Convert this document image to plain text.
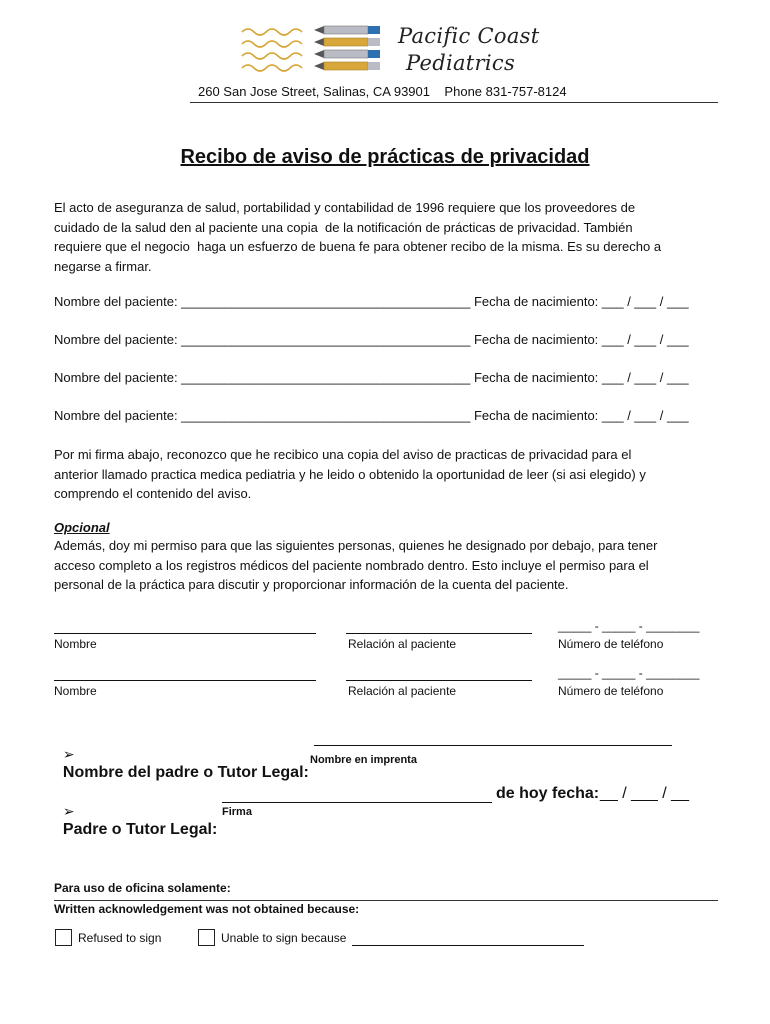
Pacific Coast
Pediatrics
260 San Jose Street, Salinas, CA 93901    Phone 831-757-8124
Recibo de aviso de prácticas de privacidad
El acto de aseguranza de salud, portabilidad y contabilidad de 1996 requiere que los proveedores de
cuidado de la salud den al paciente una copia  de la notificación de prácticas de privacidad. También
requiere que el negocio  haga un esfuerzo de buena fe para obtener recibo de la misma. Es su derecho a
negarse a firmar.
Nombre del paciente: ________________________________________ Fecha de nacimiento: ___ / ___ / ___
Nombre del paciente: ________________________________________ Fecha de nacimiento: ___ / ___ / ___
Nombre del paciente: ________________________________________ Fecha de nacimiento: ___ / ___ / ___
Nombre del paciente: ________________________________________ Fecha de nacimiento: ___ / ___ / ___
Por mi firma abajo, reconozco que he recibico una copia del aviso de practicas de privacidad para el
anterior llamado practica medica pediatria y he leido o obtenido la oportunidad de leer (si asi elegido) y
comprendo el contenido del aviso.
Opcional
Además, doy mi permiso para que las siguientes personas, quienes he designado por debajo, para tener
acceso completo a los registros médicos del paciente nombrado dentro. Esto incluye el permiso para el
personal de la práctica para discutir y proporcionar información de la cuenta del paciente.
_____ - _____ - ________
Nombre	Relación al paciente	Número de teléfono
_____ - _____ - ________
Nombre	Relación al paciente	Número de teléfono

➢
Nombre del padre o Tutor Legal:

Nombre en imprenta

➢
Padre o Tutor Legal:

de hoy fecha: __ / ___ / __
Firma
Para uso de oficina solamente:
Written acknowledgement was not obtained because:
Refused to sign	Unable to sign because
